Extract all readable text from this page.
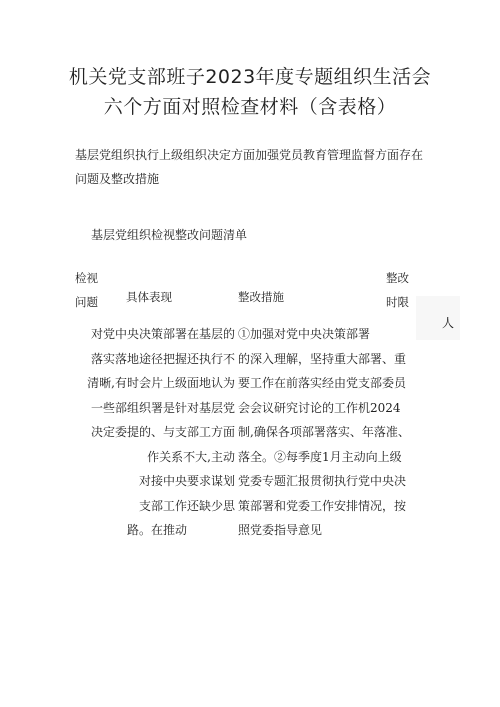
机关党支部班子2023年度专题组织生活会
六个方面对照检查材料（含表格）
基层党组织执行上级组织决定方面加强党员教育管理监督方面存在
问题及整改措施
基层党组织检视整改问题清单
检视
问题	具体表现	整改措施
整改
时限
人
对党中央决策部署在基层的
落实落地途径把握还执行不
清晰,有时会片上级面地认为
一些部组织署是针对基层党
决定委提的、与支部工方面
作关系不大,主动
对接中央要求谋划
支部工作还缺少思
路。在推动
①加强对党中央决策部署
的深入理解，坚持重大部署、重
要工作在前落实经由党支部委员
会会议研究讨论的工作机2024
制,确保各项部署落实、年落准、
落全。②每季度1月主动向上级
党委专题汇报贯彻执行党中央决
策部署和党委工作安排情况，按
照党委指导意见
